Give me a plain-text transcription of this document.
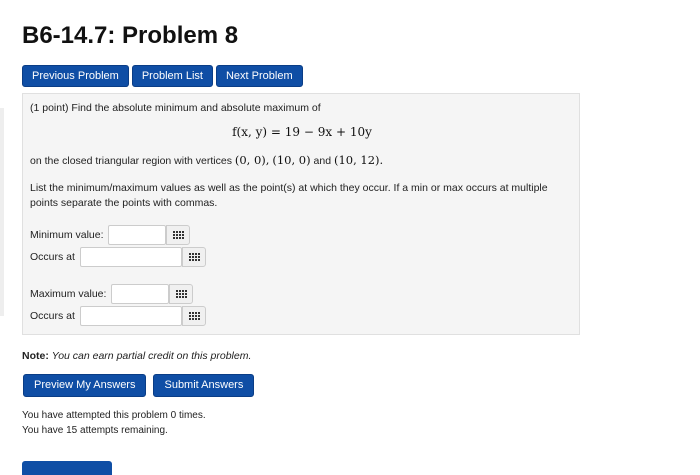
B6-14.7: Problem 8
Previous Problem	Problem List	Next Problem
(1 point) Find the absolute minimum and absolute maximum of
f(x, y) = 19 − 9x + 10y
on the closed triangular region with vertices (0, 0), (10, 0) and (10, 12).
List the minimum/maximum values as well as the point(s) at which they occur. If a min or max occurs at multiple
points separate the points with commas.
Minimum value:
Occurs at
Maximum value:
Occurs at
Note: You can earn partial credit on this problem.
Preview My Answers	Submit Answers
You have attempted this problem 0 times.
You have 15 attempts remaining.
